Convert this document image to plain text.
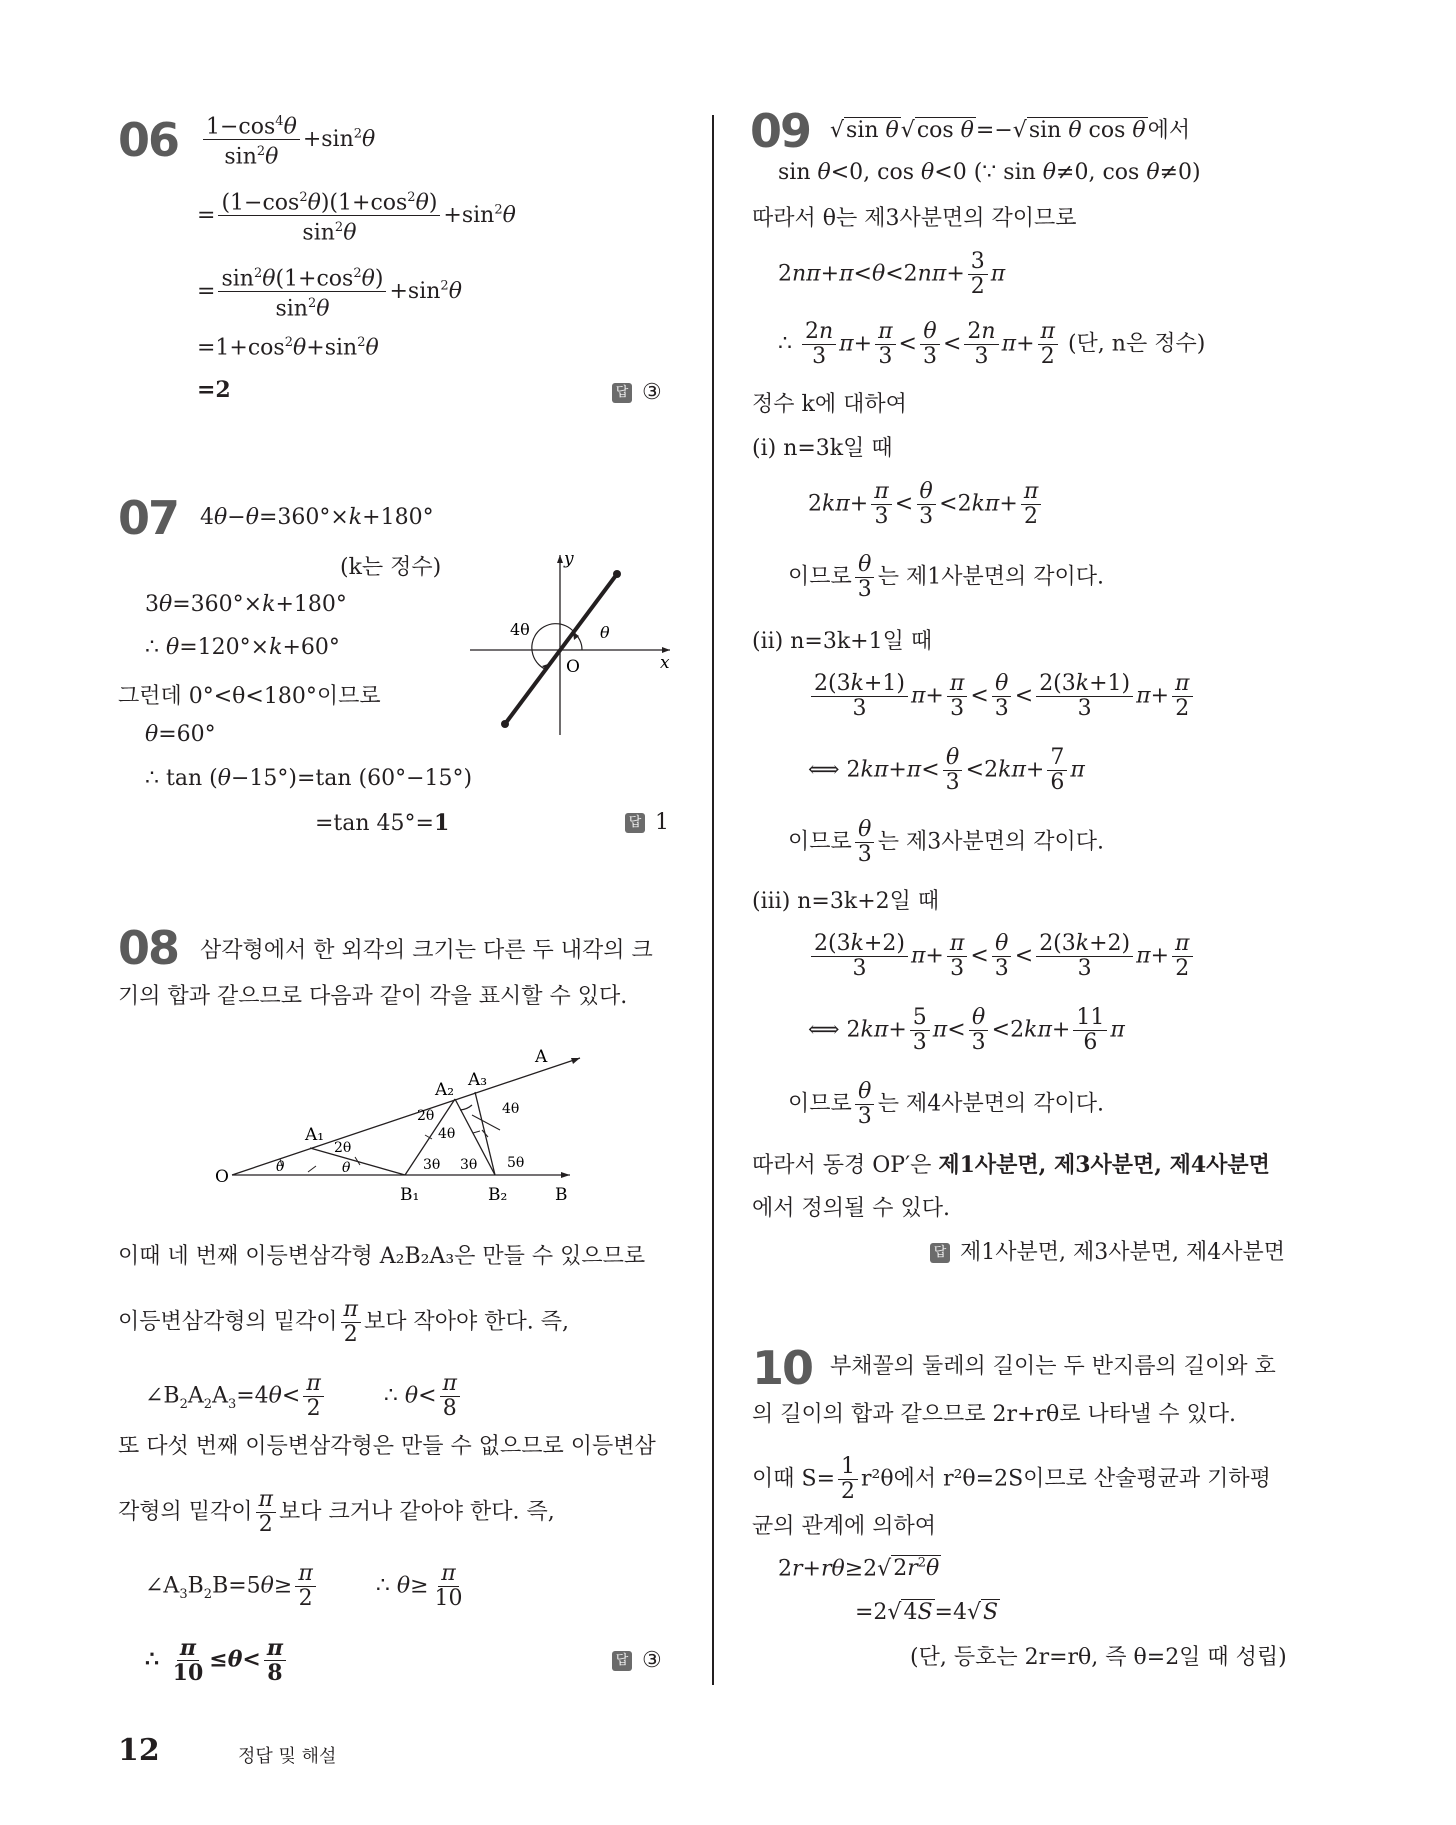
$06 \frac{1-\cos^4\theta}{\sin^2\theta} +\sin^2\theta$
= $\frac{(1-\cos^2\theta)(1+\cos^2\theta)}{\sin^2\theta} +\sin^2\theta$
= $\frac{\sin^2\theta(1+\cos^2\theta)}{\sin^2\theta} +\sin^2\theta$
$=1+\cos^2\theta+\sin^2\theta$
=2	답 ③
07 4θ−θ=360°×k+180°
(k는 정수)
3θ=360°×k+180°
∴ θ=120°×k+60°
그런데 0°<θ<180°이므로
θ=60°
∴ tan (θ−15°)=tan (60°−15°)
=tan 45°=1	답 1
y
x
O
4θ	θ
08 삼각형에서 한 외각의 크기는 다른 두 내각의 크
기의 합과 같으므로 다음과 같이 각을 표시할 수 있다.
O
A
B
A₁
A₂ A₃
B₁	B₂
θ	θ
2θ
2θ
4θ
4θ
3θ 3θ 5θ
이때 네 번째 이등변삼각형 A₂B₂A₃은 만들 수 있으므로
이등변삼각형의 밑각이 $\frac{\pi}{2}$ 보다 작아야 한다. 즉,
$\angle B_2A_2A_3=4\theta< \frac{\pi}{2}$	∴ $\theta< \frac{\pi}{8}$
또 다섯 번째 이등변삼각형은 만들 수 없으므로 이등변삼
각형의 밑각이 $\frac{\pi}{2}$ 보다 크거나 같아야 한다. 즉,
$\angle A_3B_2B=5\theta\ge \frac{\pi}{2}$	∴ $\theta\ge \frac{\pi}{10}$
∴ $\frac{\pi}{10} \le\theta< \frac{\pi}{8}$	답 ③
09 √sin θ√cos θ=−√sin θ cos θ에서
sin θ<0, cos θ<0 (∵ sin θ≠0, cos θ≠0)
따라서 θ는 제3사분면의 각이므로
$2n\pi+\pi<\theta<2n\pi+ \frac{3}{2}$ π
∴ $\frac{2n}{3} \pi+ \frac{\pi}{3} < \frac{\theta}{3} < \frac{2n}{3} \pi+ \frac{\pi}{2}$ (단, n은 정수)
정수 k에 대하여
(ⅰ) n=3k일 때
$2k\pi+ \frac{\pi}{3} < \frac{\theta}{3} <2k\pi+ \frac{\pi}{2}$
이므로 $\frac{\theta}{3}$ 는 제1사분면의 각이다.
(ⅱ) n=3k+1일 때
$\frac{2(3k+1)}{3} \pi+ \frac{\pi}{3} < \frac{\theta}{3} < \frac{2(3k+1)}{3} \pi+ \frac{\pi}{2}$
⟺ $2k\pi+\pi< \frac{\theta}{3} <2k\pi+ \frac{7}{6}$ π
이므로 $\frac{\theta}{3}$ 는 제3사분면의 각이다.
(ⅲ) n=3k+2일 때
$\frac{2(3k+2)}{3} \pi+ \frac{\pi}{3} < \frac{\theta}{3} < \frac{2(3k+2)}{3} \pi+ \frac{\pi}{2}$
⟺ $2k\pi+ \frac{5}{3} \pi< \frac{\theta}{3} <2k\pi+ \frac{11}{6}$ π
이므로 $\frac{\theta}{3}$ 는 제4사분면의 각이다.
따라서 동경 OP′은 제1사분면, 제3사분면, 제4사분면
에서 정의될 수 있다.
답 제1사분면, 제3사분면, 제4사분면
10 부채꼴의 둘레의 길이는 두 반지름의 길이와 호
의 길이의 합과 같으므로 2r+rθ로 나타낼 수 있다.
이때 $S= \frac{1}{2} r^2\theta$에서 r²θ=2S이므로 산술평균과 기하평
균의 관계에 의하여
$2r+r\theta\ge 2√2r^2\theta$
=2√4S=4√S
(단, 등호는 2r=rθ, 즉 θ=2일 때 성립)
12	정답 및 해설
